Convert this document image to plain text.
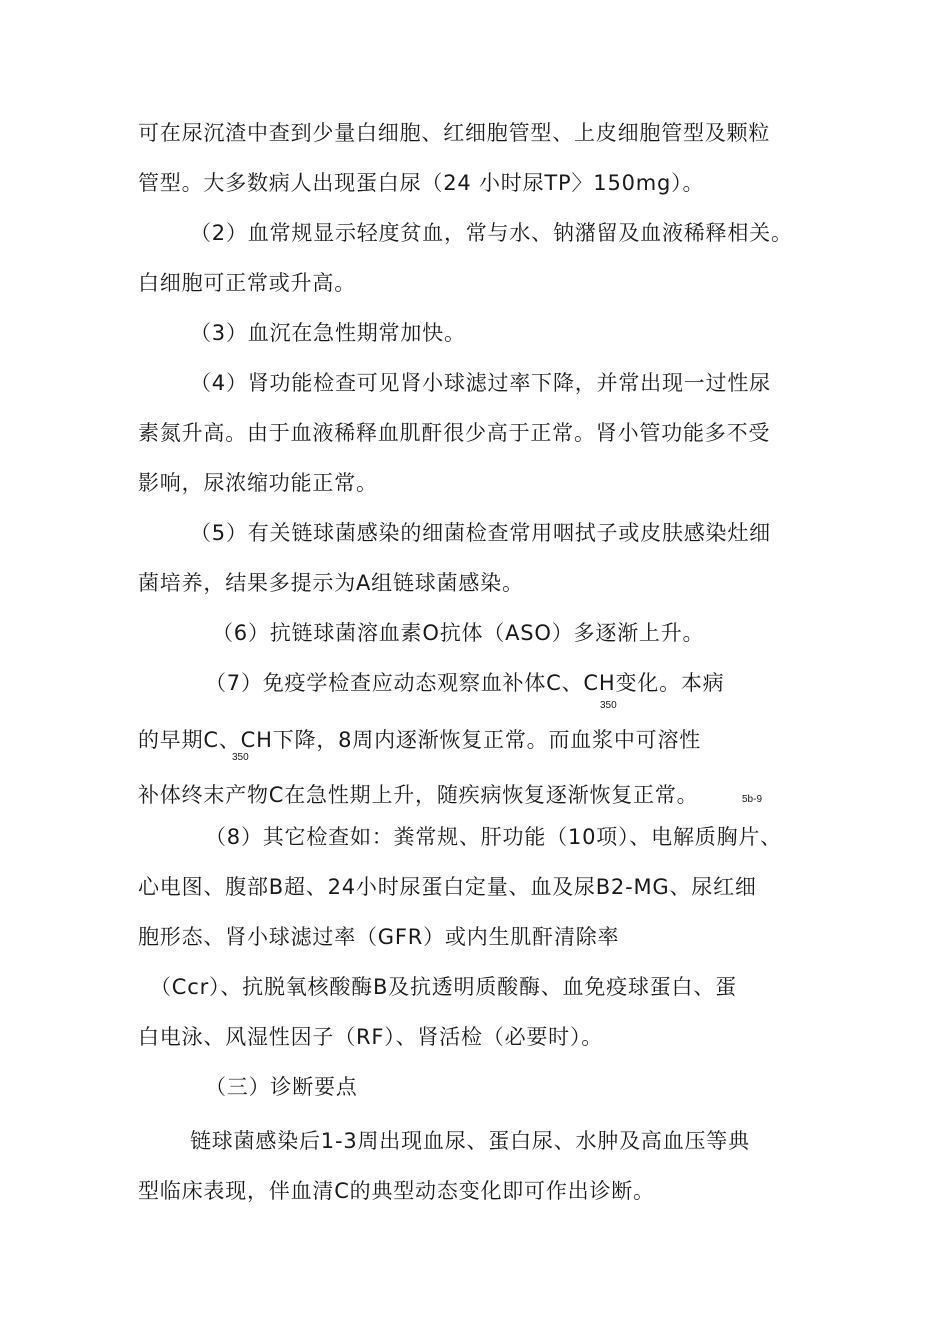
可在尿沉渣中查到少量白细胞、红细胞管型、上皮细胞管型及颗粒
管型。大多数病人出现蛋白尿（24 小时尿TP〉150mg）。
（2）血常规显示轻度贫血，常与水、钠潴留及血液稀释相关。
白细胞可正常或升高。
（3）血沉在急性期常加快。
（4）肾功能检查可见肾小球滤过率下降，并常出现一过性尿
素氮升高。由于血液稀释血肌酐很少高于正常。肾小管功能多不受
影响，尿浓缩功能正常。
（5）有关链球菌感染的细菌检查常用咽拭子或皮肤感染灶细
菌培养，结果多提示为A组链球菌感染。
（6）抗链球菌溶血素O抗体（ASO）多逐渐上升。
（7）免疫学检查应动态观察血补体C、CH变化。本病
350
的早期C、CH下降，8周内逐渐恢复正常。而血浆中可溶性
350
补体终末产物C在急性期上升，随疾病恢复逐渐恢复正常。	5b-9
（8）其它检查如：粪常规、肝功能（10项）、电解质胸片、
心电图、腹部B超、24小时尿蛋白定量、血及尿B2-MG、尿红细
胞形态、肾小球滤过率（GFR）或内生肌酐清除率
（Ccr）、抗脱氧核酸酶B及抗透明质酸酶、血免疫球蛋白、蛋
白电泳、风湿性因子（RF）、肾活检（必要时）。
（三）诊断要点
链球菌感染后1-3周出现血尿、蛋白尿、水肿及高血压等典
型临床表现，伴血清C的典型动态变化即可作出诊断。
